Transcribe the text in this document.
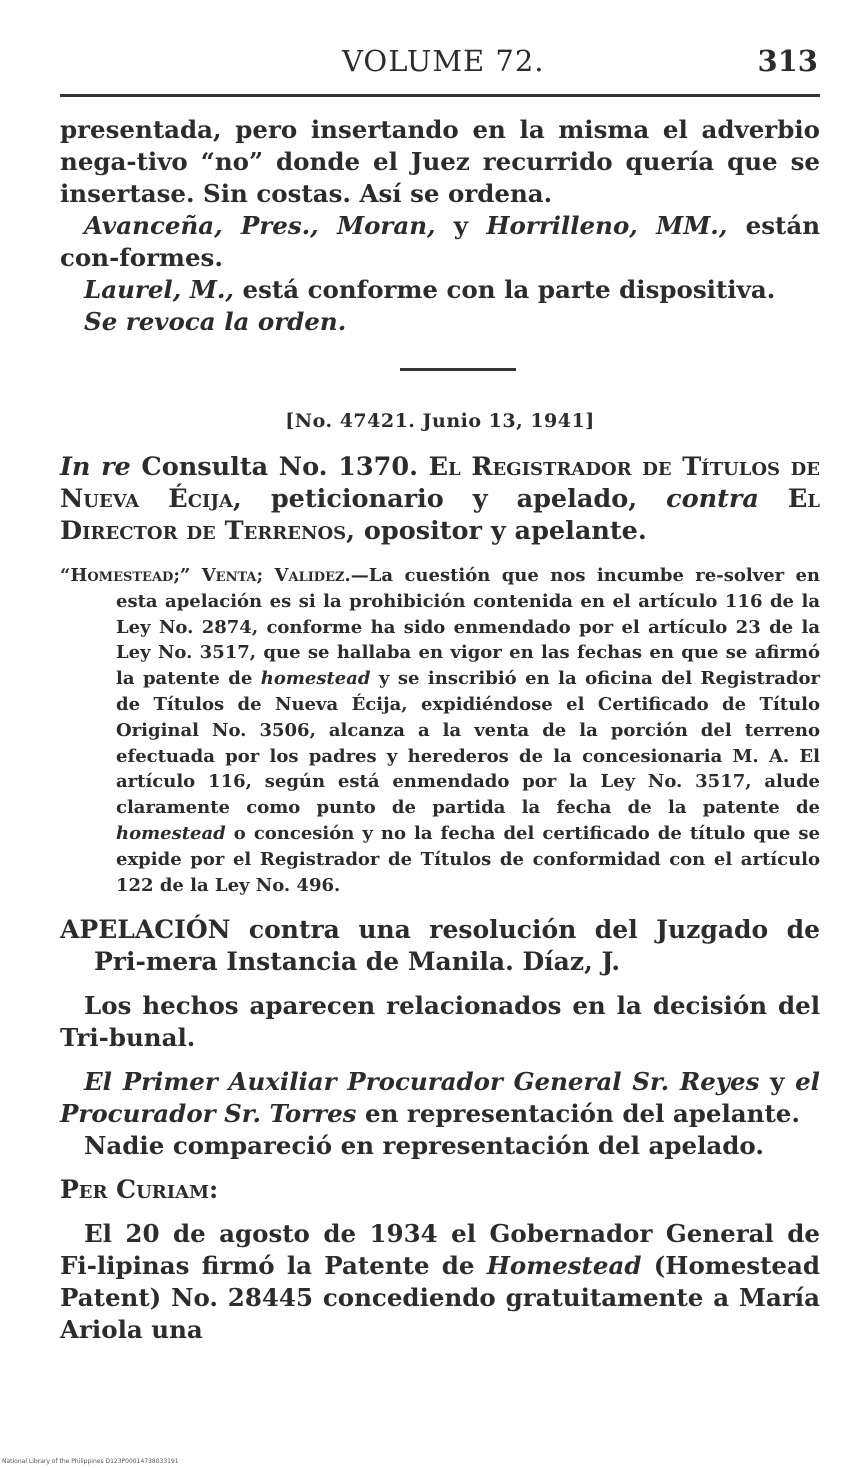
VOLUME 72.	313

presentada, pero insertando en la misma el adverbio nega-tivo “no” donde el Juez recurrido quería que se insertase. Sin costas. Así se ordena.

Avanceña, Pres., Moran, y Horrilleno, MM., están con-formes.

Laurel, M., está conforme con la parte dispositiva.

Se revoca la orden.

[No. 47421. Junio 13, 1941]

In re Consulta No. 1370. El Registrador de Títulos de Nueva Écija, peticionario y apelado, contra El Director de Terrenos, opositor y apelante.

“Homestead;” Venta; Validez.—La cuestión que nos incumbe re-solver en esta apelación es si la prohibición contenida en el artículo 116 de la Ley No. 2874, conforme ha sido enmendado por el artículo 23 de la Ley No. 3517, que se hallaba en vigor en las fechas en que se afirmó la patente de homestead y se inscribió en la oficina del Registrador de Títulos de Nueva Écija, expidiéndose el Certificado de Título Original No. 3506, alcanza a la venta de la porción del terreno efectuada por los padres y herederos de la concesionaria M. A. El artículo 116, según está enmendado por la Ley No. 3517, alude claramente como punto de partida la fecha de la patente de homestead o concesión y no la fecha del certificado de título que se expide por el Registrador de Títulos de conformidad con el artículo 122 de la Ley No. 496.

APELACIÓN contra una resolución del Juzgado de Pri-mera Instancia de Manila. Díaz, J.

Los hechos aparecen relacionados en la decisión del Tri-bunal.

El Primer Auxiliar Procurador General Sr. Reyes y el Procurador Sr. Torres en representación del apelante.

Nadie compareció en representación del apelado.

Per Curiam:

El 20 de agosto de 1934 el Gobernador General de Fi-lipinas firmó la Patente de Homestead (Homestead Patent) No. 28445 concediendo gratuitamente a María Ariola una

National Library of the Philippines D123P00014738033191
